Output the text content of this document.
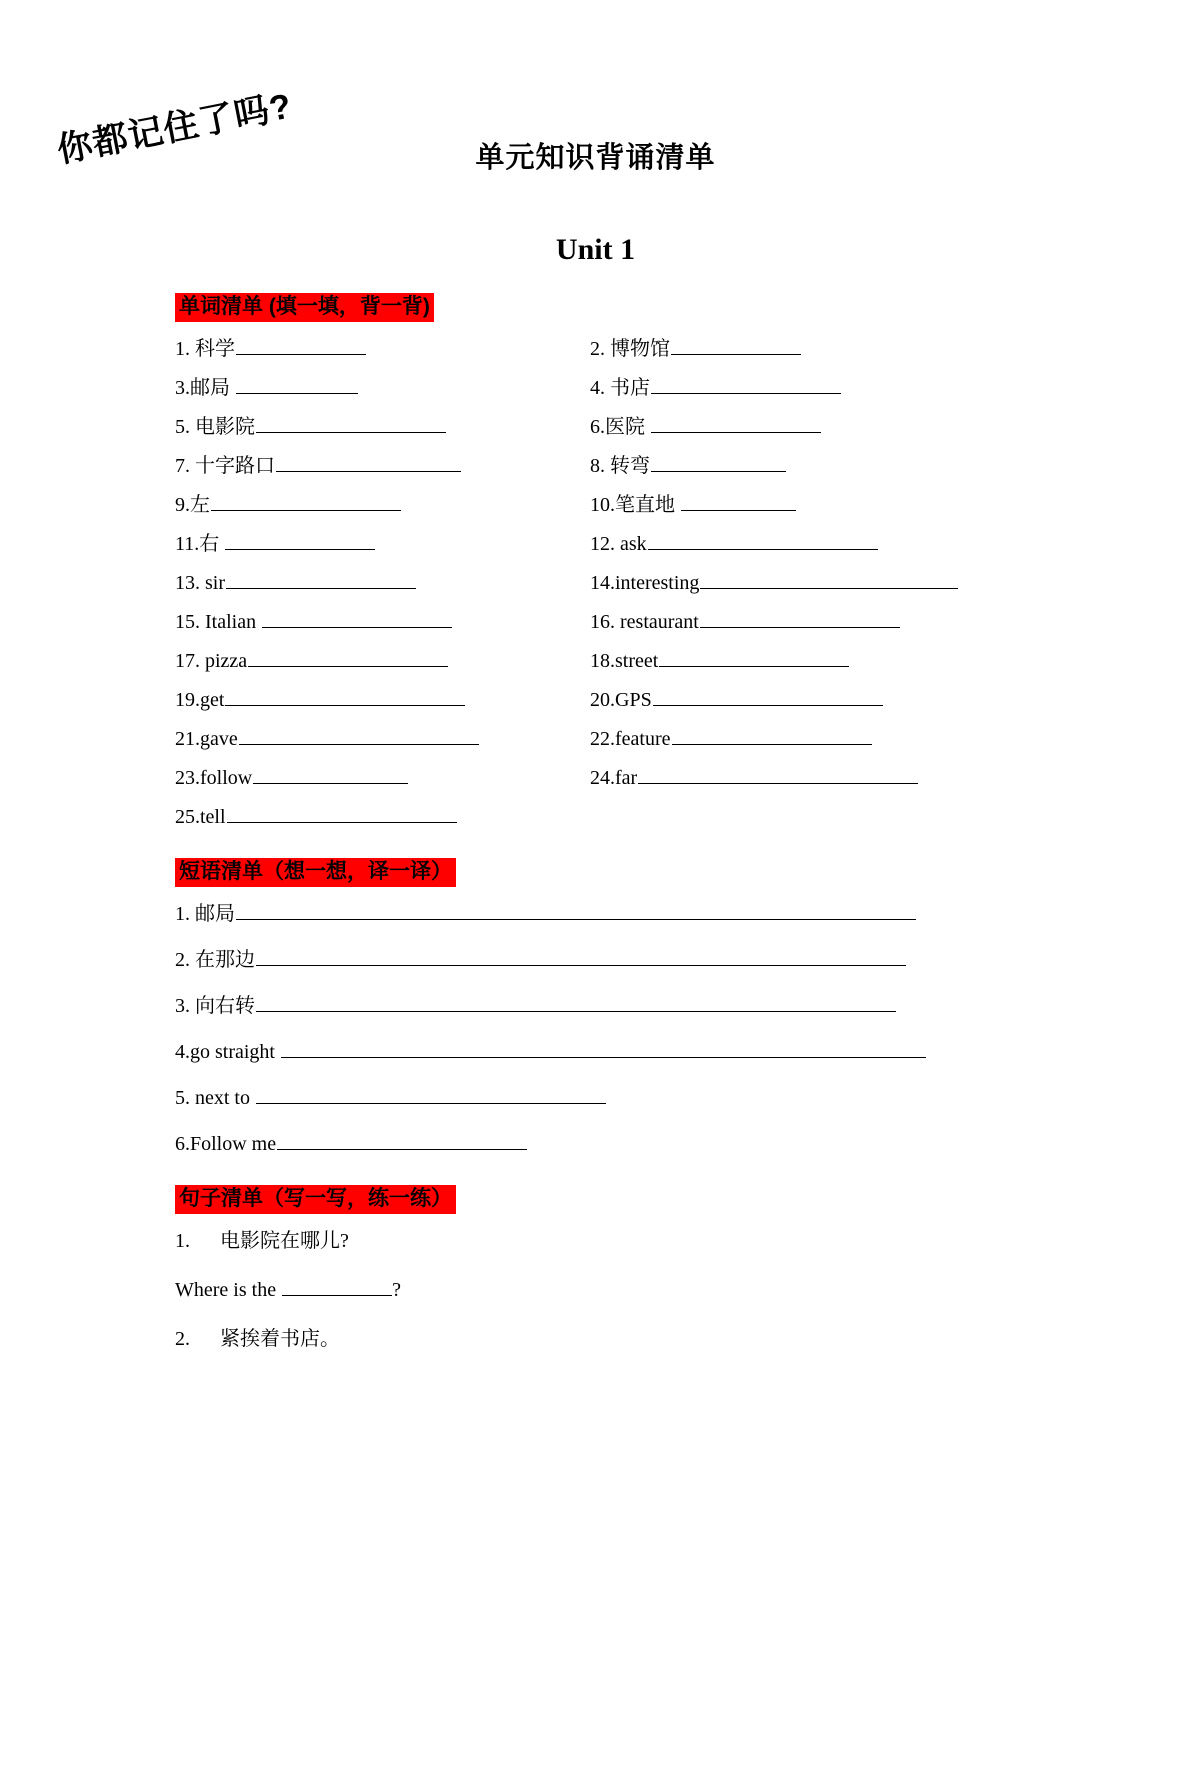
你都记住了吗?	单元知识背诵清单
Unit 1
单词清单 (填一填，背一背)
1. 科学	2. 博物馆
3.邮局	4. 书店
5. 电影院	6.医院
7. 十字路口	8. 转弯
9.左	10.笔直地
11.右	12. ask
13. sir	14.interesting
15. Italian	16. restaurant
17. pizza	18.street
19.get	20.GPS
21.gave	22.feature
23.follow	24.far
25.tell
短语清单（想一想，译一译）
1. 邮局
2. 在那边
3. 向右转
4.go straight
5. next to
6.Follow me
句子清单（写一写，练一练）
1. 电影院在哪儿?
Where is the	?
2. 紧挨着书店。
